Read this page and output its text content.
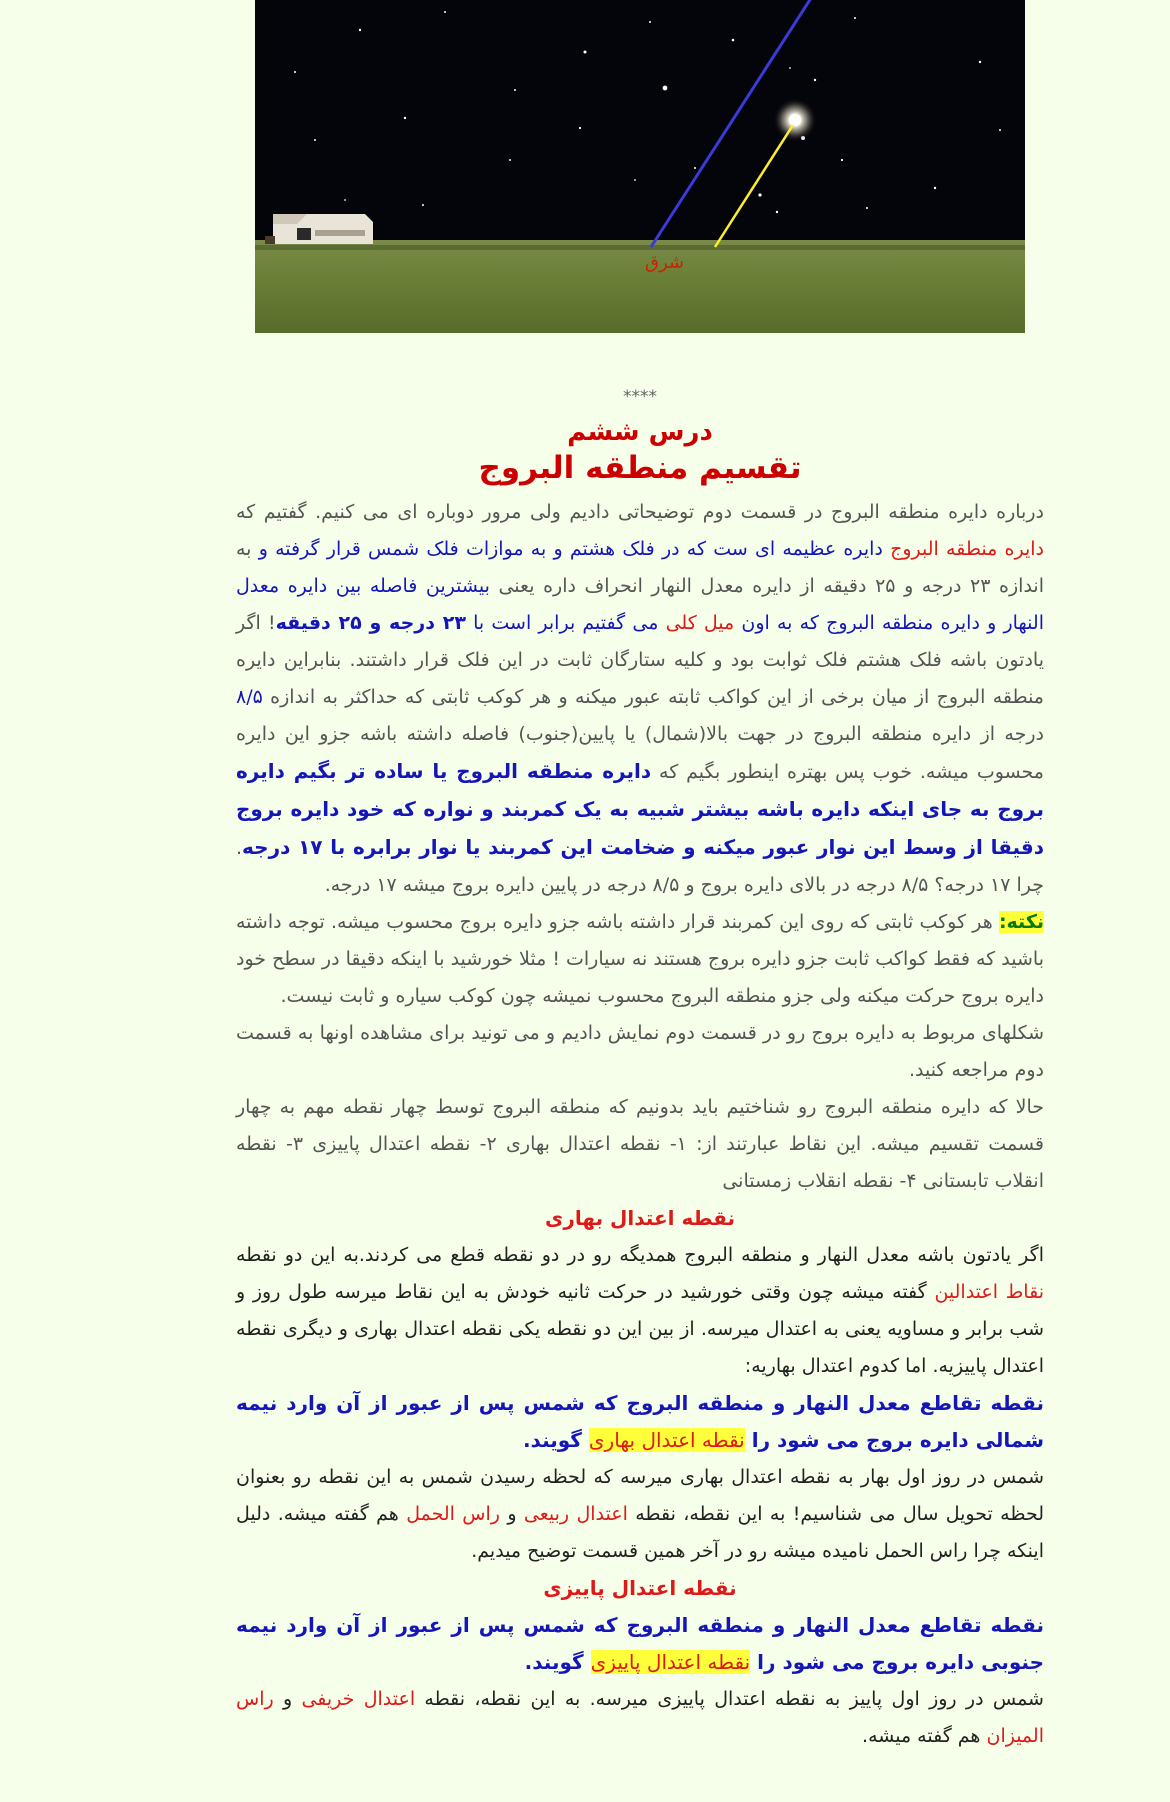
شرق
****
درس ششم
تقسیم منطقه البروج

درباره دایره منطقه البروج در قسمت دوم توضیحاتی دادیم ولی مرور دوباره ای می کنیم. گفتیم که دایره منطقه البروج دایره عظیمه ای ست که در فلک هشتم و به موازات فلک شمس قرار گرفته و به اندازه ۲۳ درجه و ۲۵ دقیقه از دایره معدل النهار انحراف داره یعنی بیشترین فاصله بین دایره معدل النهار و دایره منطقه البروج که به اون میل کلی می گفتیم برابر است با ۲۳ درجه و ۲۵ دقیقه! اگر یادتون باشه فلک هشتم فلک ثوابت بود و کلیه ستارگان ثابت در این فلک قرار داشتند. بنابراین دایره منطقه البروج از میان برخی از این کواکب ثابته عبور میکنه و هر کوکب ثابتی که حداکثر به اندازه ۸/۵ درجه از دایره منطقه البروج در جهت بالا(شمال) یا پایین(جنوب) فاصله داشته باشه جزو این دایره محسوب میشه. خوب پس بهتره اینطور بگیم که دایره منطقه البروج یا ساده تر بگیم دایره بروج به جای اینکه دایره باشه بیشتر شبیه به یک کمربند و نواره که خود دایره بروج دقیقا از وسط این نوار عبور میکنه و ضخامت این کمربند یا نوار برابره با ۱۷ درجه. چرا ۱۷ درجه؟ ۸/۵ درجه در بالای دایره بروج و ۸/۵ درجه در پایین دایره بروج میشه ۱۷ درجه.

نکته: هر کوکب ثابتی که روی این کمربند قرار داشته باشه جزو دایره بروج محسوب میشه. توجه داشته باشید که فقط کواکب ثابت جزو دایره بروج هستند نه سیارات ! مثلا خورشید با اینکه دقیقا در سطح خود دایره بروج حرکت میکنه ولی جزو منطقه البروج محسوب نمیشه چون کوکب سیاره و ثابت نیست.

شکلهای مربوط به دایره بروج رو در قسمت دوم نمایش دادیم و می تونید برای مشاهده اونها به قسمت دوم مراجعه کنید.

حالا که دایره منطقه البروج رو شناختیم باید بدونیم که منطقه البروج توسط چهار نقطه مهم به چهار قسمت تقسیم میشه. این نقاط عبارتند از: ۱- نقطه اعتدال بهاری ۲- نقطه اعتدال پاییزی ۳- نقطه انقلاب تابستانی ۴- نقطه انقلاب زمستانی

نقطه اعتدال بهاری

اگر یادتون باشه معدل النهار و منطقه البروج همدیگه رو در دو نقطه قطع می کردند.به این دو نقطه نقاط اعتدالین گفته میشه چون وقتی خورشید در حرکت ثانیه خودش به این نقاط میرسه طول روز و شب برابر و مساویه یعنی به اعتدال میرسه. از بین این دو نقطه یکی نقطه اعتدال بهاری و دیگری نقطه اعتدال پاییزیه. اما کدوم اعتدال بهاریه:

نقطه تقاطع معدل النهار و منطقه البروج که شمس پس از عبور از آن وارد نیمه شمالی دایره بروج می شود را نقطه اعتدال بهاری گویند.

شمس در روز اول بهار به نقطه اعتدال بهاری میرسه که لحظه رسیدن شمس به این نقطه رو بعنوان لحظه تحویل سال می شناسیم! به این نقطه، نقطه اعتدال ربیعی و راس الحمل هم گفته میشه. دلیل اینکه چرا راس الحمل نامیده میشه رو در آخر همین قسمت توضیح میدیم.

نقطه اعتدال پاییزی

نقطه تقاطع معدل النهار و منطقه البروج که شمس پس از عبور از آن وارد نیمه جنوبی دایره بروج می شود را نقطه اعتدال پاییزی گویند.

شمس در روز اول پاییز به نقطه اعتدال پاییزی میرسه. به این نقطه، نقطه اعتدال خریفی و راس المیزان هم گفته میشه.
